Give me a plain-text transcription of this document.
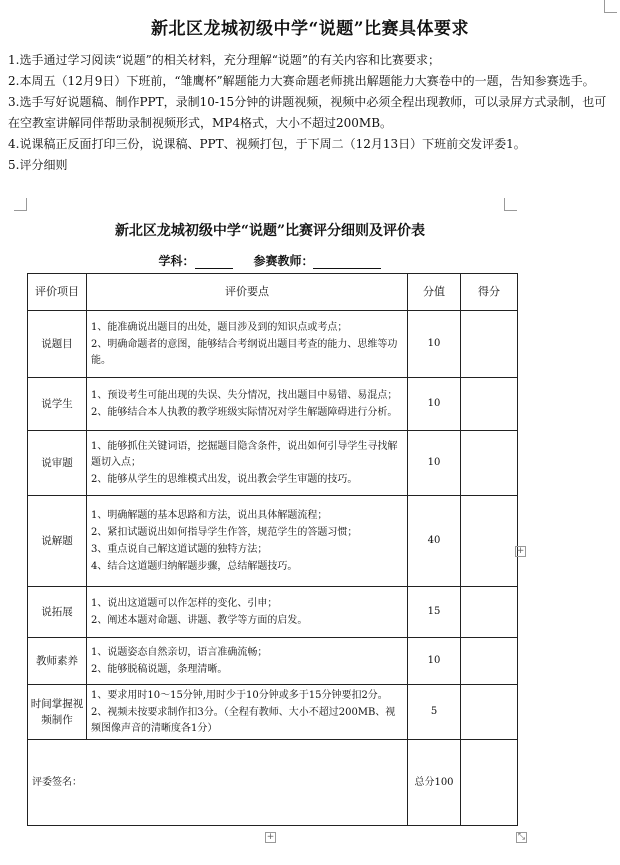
新北区龙城初级中学“说题”比赛具体要求

1.选手通过学习阅读“说题”的相关材料，充分理解“说题”的有关内容和比赛要求；

2.本周五（12月9日）下班前，“雏鹰杯”解题能力大赛命题老师挑出解题能力大赛卷中的一题，告知参赛选手。

3.选手写好说题稿、制作PPT，录制10-15分钟的讲题视频，视频中必须全程出现教师，可以录屏方式录制，也可在空教室讲解同伴帮助录制视频形式，MP4格式，大小不超过200MB。

4.说课稿正反面打印三份，说课稿、PPT、视频打包，于下周二（12月13日）下班前交发评委1。

5.评分细则

新北区龙城初级中学“说题”比赛评分细则及评价表
学科：	参赛教师：
评价项目	评价要点	分值	得分
说题目	1、能准确说出题目的出处，题目涉及到的知识点或考点；
2、明确命题者的意图，能够结合考纲说出题目考查的能力、思维等功能。	10	
说学生	1、预设考生可能出现的失误、失分情况，找出题目中易错、易混点；
2、能够结合本人执教的教学班级实际情况对学生解题障碍进行分析。	10	
说审题	1、能够抓住关键词语，挖掘题目隐含条件，说出如何引导学生寻找解题切入点；
2、能够从学生的思维模式出发，说出教会学生审题的技巧。	10	
说解题	1、明确解题的基本思路和方法，说出具体解题流程；
2、紧扣试题说出如何指导学生作答，规范学生的答题习惯；
3、重点说自己解这道试题的独特方法；
4、结合这道题归纳解题步骤，总结解题技巧。	40	
说拓展	1、说出这道题可以作怎样的变化、引申；
2、阐述本题对命题、讲题、教学等方面的启发。	15	
教师素养	1、说题姿态自然亲切，语言准确流畅；
2、能够脱稿说题，条理清晰。	10	
时间掌握视频制作	1、要求用时10～15分钟,用时少于10分钟或多于15分钟要扣2分。
2、视频未按要求制作扣3分。（全程有教师、大小不超过200MB、视频图像声音的清晰度各1分）	5	
评委签名：		总分100	
+
+	⤡
